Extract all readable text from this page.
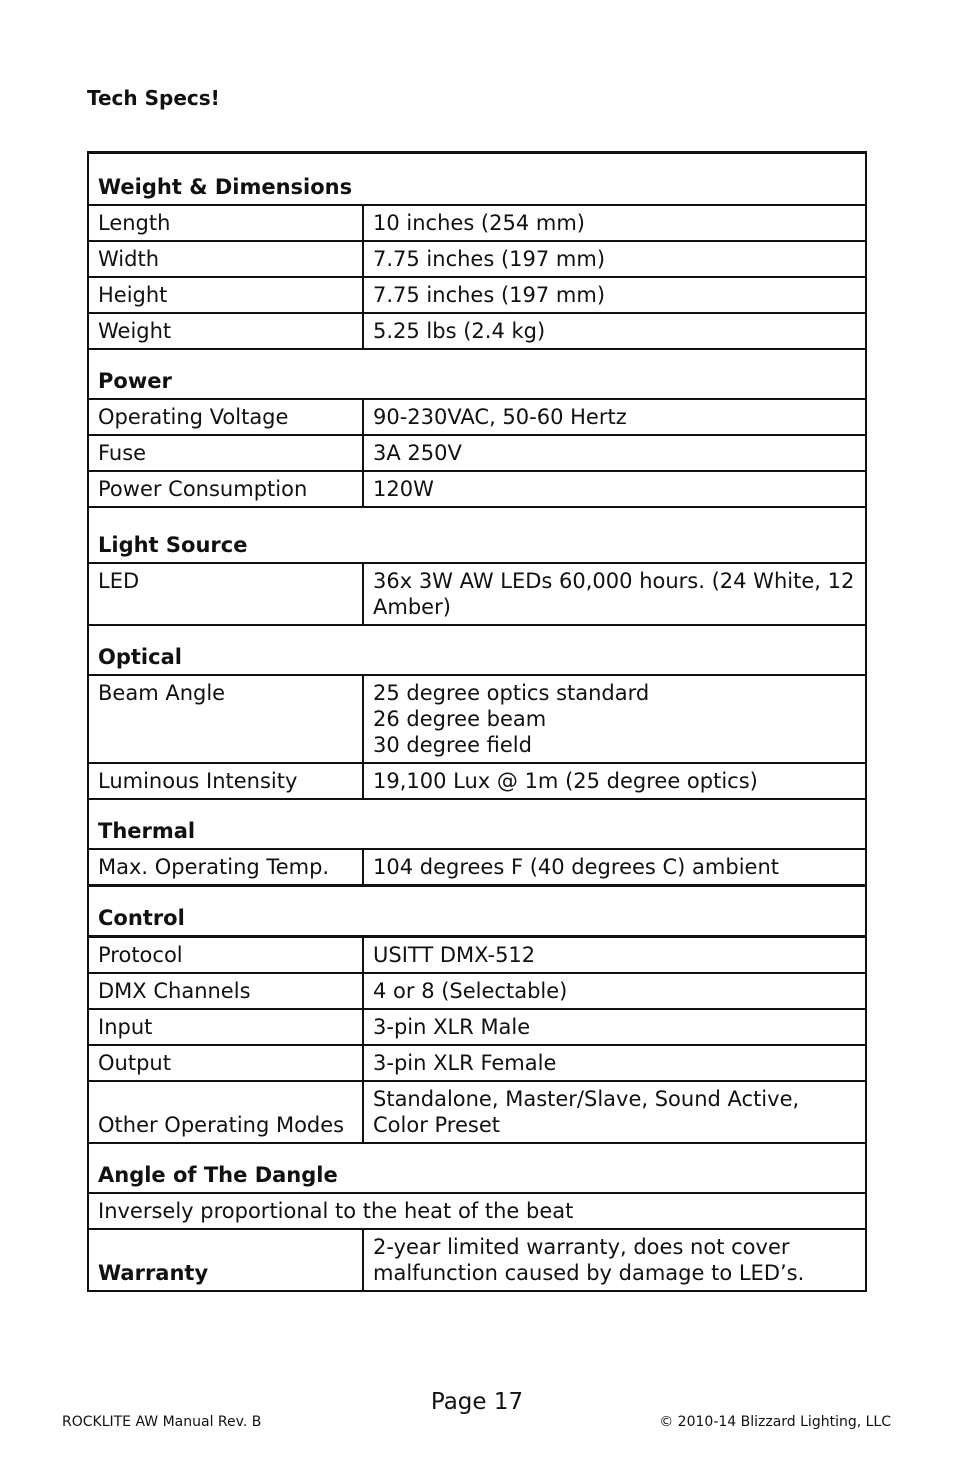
Tech Specs!
Weight & Dimensions	
Length	10 inches (254 mm)
Width	7.75 inches (197 mm)
Height	7.75 inches (197 mm)
Weight	5.25 lbs (2.4 kg)
Power	
Operating Voltage	90-230VAC, 50-60 Hertz
Fuse	3A 250V
Power Consumption	120W
Light Source	
LED	36x 3W AW LEDs 60,000 hours. (24 White, 12 Amber)
Optical	
Beam Angle	25 degree optics standard
26 degree beam
30 degree field

Luminous Intensity	19,100 Lux @ 1m (25 degree optics)
Thermal	
Max. Operating Temp.	104 degrees F (40 degrees C) ambient
Control	
Protocol	USITT DMX-512
DMX Channels	4 or 8 (Selectable)
Input	3-pin XLR Male
Output	3-pin XLR Female
Other Operating Modes	Standalone, Master/Slave, Sound Active, Color Preset
Angle of The Dangle	
Inversely proportional to the heat of the beat	
Warranty	2-year limited warranty, does not cover malfunction caused by damage to LED’s.
Page 17
ROCKLITE AW Manual Rev. B	© 2010-14 Blizzard Lighting, LLC
